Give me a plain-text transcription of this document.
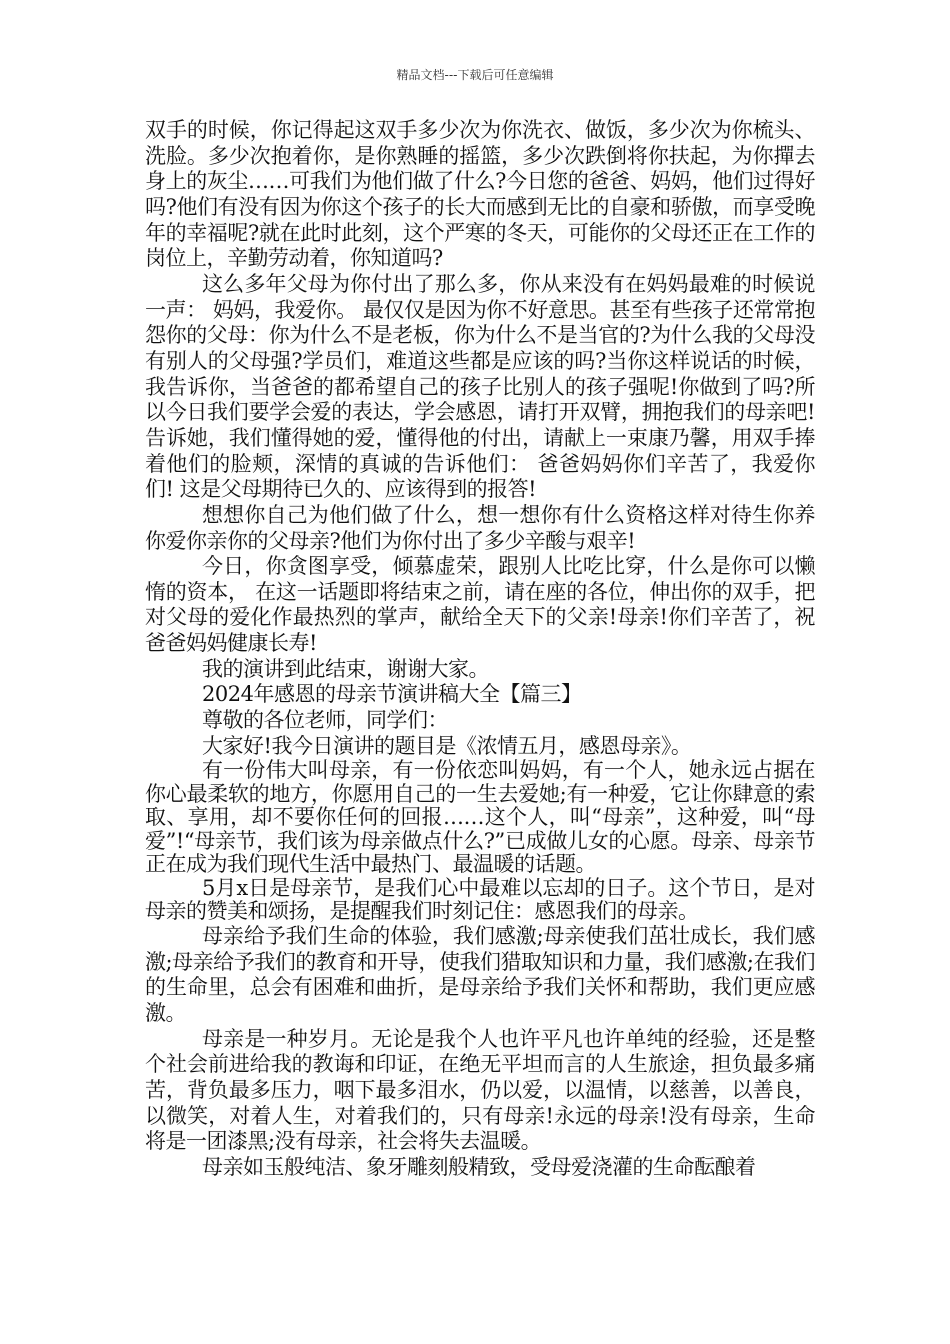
精品文档---下载后可任意编辑

双手的时候，你记得起这双手多少次为你洗衣、做饭，多少次为你梳头、洗脸。多少次抱着你，是你熟睡的摇篮，多少次跌倒将你扶起，为你撣去身上的灰尘……可我们为他们做了什么?今日您的爸爸、妈妈，他们过得好吗?他们有没有因为你这个孩子的长大而感到无比的自豪和骄傲，而享受晚年的幸福呢?就在此时此刻，这个严寒的冬天，可能你的父母还正在工作的岗位上，辛勤劳动着，你知道吗?

这么多年父母为你付出了那么多，你从来没有在妈妈最难的时候说一声： 妈妈，我爱你。 最仅仅是因为你不好意思。甚至有些孩子还常常抱怨你的父母：你为什么不是老板，你为什么不是当官的?为什么我的父母没有别人的父母强?学员们，难道这些都是应该的吗?当你这样说话的时候，我告诉你，当爸爸的都希望自己的孩子比别人的孩子强呢!你做到了吗?所以今日我们要学会爱的表达，学会感恩，请打开双臂，拥抱我们的母亲吧!告诉她，我们懂得她的爱，懂得他的付出，请献上一束康乃馨，用双手捧着他们的脸颊，深情的真诚的告诉他们： 爸爸妈妈你们辛苦了，我爱你们! 这是父母期待已久的、应该得到的报答!

想想你自己为他们做了什么，想一想你有什么资格这样对待生你养你爱你亲你的父母亲?他们为你付出了多少辛酸与艰辛!

今日，你贪图享受，倾慕虚荣，跟别人比吃比穿，什么是你可以懒惰的资本， 在这一话题即将结束之前，请在座的各位，伸出你的双手，把对父母的爱化作最热烈的掌声，献给全天下的父亲!母亲!你们辛苦了，祝爸爸妈妈健康长寿!

我的演讲到此结束，谢谢大家。

2024年感恩的母亲节演讲稿大全【篇三】

尊敬的各位老师，同学们：

大家好!我今日演讲的题目是《浓情五月，感恩母亲》。

有一份伟大叫母亲，有一份依恋叫妈妈，有一个人，她永远占据在你心最柔软的地方，你愿用自己的一生去爱她;有一种爱，它让你肆意的索取、享用，却不要你任何的回报……这个人，叫“母亲”，这种爱，叫“母爱”!“母亲节，我们该为母亲做点什么?”已成做儿女的心愿。母亲、母亲节正在成为我们现代生活中最热门、最温暖的话题。

5月x日是母亲节，是我们心中最难以忘却的日子。这个节日，是对母亲的赞美和颂扬，是提醒我们时刻记住：感恩我们的母亲。

母亲给予我们生命的体验，我们感激;母亲使我们茁壮成长，我们感激;母亲给予我们的教育和开导，使我们猎取知识和力量，我们感激;在我们的生命里，总会有困难和曲折，是母亲给予我们关怀和帮助，我们更应感激。

母亲是一种岁月。无论是我个人也许平凡也许单纯的经验，还是整个社会前进给我的教诲和印证，在绝无平坦而言的人生旅途，担负最多痛苦，背负最多压力，咽下最多泪水，仍以爱，以温情，以慈善，以善良，以微笑，对着人生，对着我们的，只有母亲!永远的母亲!没有母亲，生命将是一团漆黑;没有母亲，社会将失去温暖。

母亲如玉般纯洁、象牙雕刻般精致，受母爱浇灌的生命酝酿着
